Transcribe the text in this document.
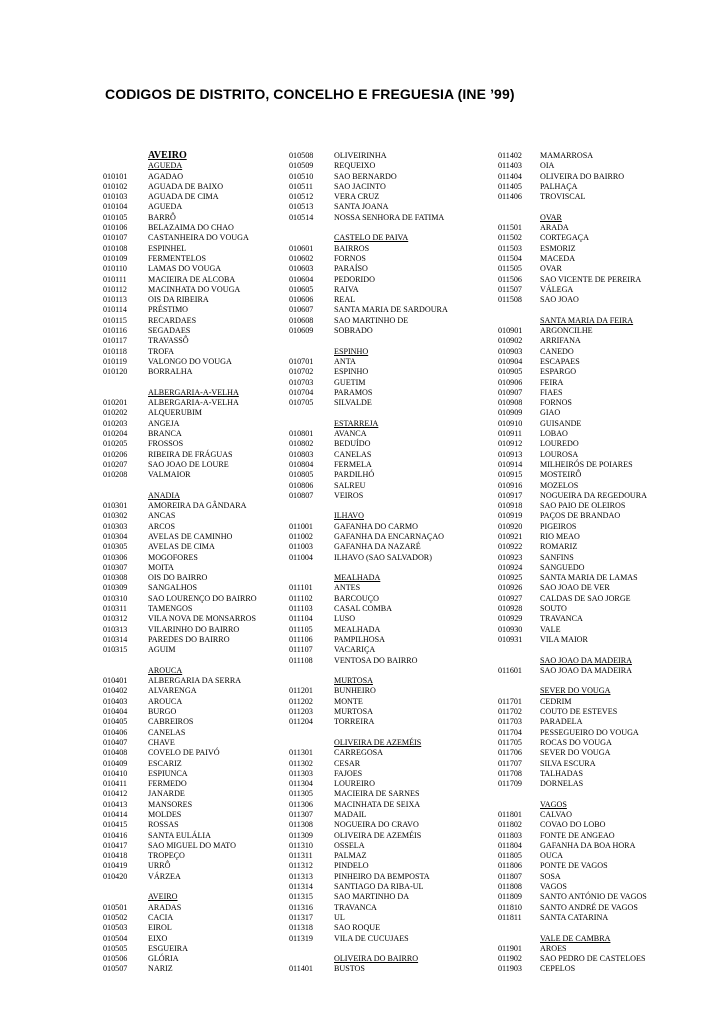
CODIGOS DE DISTRITO, CONCELHO E FREGUESIA (INE ’99)
AVEIRO
AGUEDA
010101	AGADAO
010102	AGUADA DE BAIXO
010103	AGUADA DE CIMA
010104	AGUEDA
010105	BARRÔ
010106	BELAZAIMA DO CHAO
010107	CASTANHEIRA DO VOUGA
010108	ESPINHEL
010109	FERMENTELOS
010110	LAMAS DO VOUGA
010111	MACIEIRA DE ALCOBA
010112	MACINHATA DO VOUGA
010113	OIS DA RIBEIRA
010114	PRÉSTIMO
010115	RECARDAES
010116	SEGADAES
010117	TRAVASSÔ
010118	TROFA
010119	VALONGO DO VOUGA
010120	BORRALHA
ALBERGARIA-A-VELHA
010201	ALBERGARIA-A-VELHA
010202	ALQUERUBIM
010203	ANGEJA
010204	BRANCA
010205	FROSSOS
010206	RIBEIRA DE FRÁGUAS
010207	SAO JOAO DE LOURE
010208	VALMAIOR
ANADIA
010301	AMOREIRA DA GÂNDARA
010302	ANCAS
010303	ARCOS
010304	AVELAS DE CAMINHO
010305	AVELAS DE CIMA
010306	MOGOFORES
010307	MOITA
010308	OIS DO BAIRRO
010309	SANGALHOS
010310	SAO LOURENÇO DO BAIRRO
010311	TAMENGOS
010312	VILA NOVA DE MONSARROS
010313	VILARINHO DO BAIRRO
010314	PAREDES DO BAIRRO
010315	AGUIM
AROUCA
010401	ALBERGARIA DA SERRA
010402	ALVARENGA
010403	AROUCA
010404	BURGO
010405	CABREIROS
010406	CANELAS
010407	CHAVE
010408	COVELO DE PAIVÓ
010409	ESCARIZ
010410	ESPIUNCA
010411	FERMEDO
010412	JANARDE
010413	MANSORES
010414	MOLDES
010415	ROSSAS
010416	SANTA EULÁLIA
010417	SAO MIGUEL DO MATO
010418	TROPEÇO
010419	URRÔ
010420	VÁRZEA
AVEIRO
010501	ARADAS
010502	CACIA
010503	EIROL
010504	EIXO
010505	ESGUEIRA
010506	GLÓRIA
010507	NARIZ
010508	OLIVEIRINHA
010509	REQUEIXO
010510	SAO BERNARDO
010511	SAO JACINTO
010512	VERA CRUZ
010513	SANTA JOANA
010514	NOSSA SENHORA DE FATIMA
CASTELO DE PAIVA
010601	BAIRROS
010602	FORNOS
010603	PARAÍSO
010604	PEDORIDO
010605	RAIVA
010606	REAL
010607	SANTA MARIA DE SARDOURA
010608	SAO MARTINHO DE
010609	SOBRADO
ESPINHO
010701	ANTA
010702	ESPINHO
010703	GUETIM
010704	PARAMOS
010705	SILVALDE
ESTARREJA
010801	AVANCA
010802	BEDUÍDO
010803	CANELAS
010804	FERMELA
010805	PARDILHÓ
010806	SALREU
010807	VEIROS
ILHAVO
011001	GAFANHA DO CARMO
011002	GAFANHA DA ENCARNAÇAO
011003	GAFANHA DA NAZARÉ
011004	ILHAVO (SAO SALVADOR)
MEALHADA
011101	ANTES
011102	BARCOUÇO
011103	CASAL COMBA
011104	LUSO
011105	MEALHADA
011106	PAMPILHOSA
011107	VACARIÇA
011108	VENTOSA DO BAIRRO
MURTOSA
011201	BUNHEIRO
011202	MONTE
011203	MURTOSA
011204	TORREIRA
OLIVEIRA DE AZEMÉIS
011301	CARREGOSA
011302	CESAR
011303	FAJOES
011304	LOUREIRO
011305	MACIEIRA DE SARNES
011306	MACINHATA DE SEIXA
011307	MADAIL
011308	NOGUEIRA DO CRAVO
011309	OLIVEIRA DE AZEMÉIS
011310	OSSELA
011311	PALMAZ
011312	PINDELO
011313	PINHEIRO DA BEMPOSTA
011314	SANTIAGO DA RIBA-UL
011315	SAO MARTINHO DA
011316	TRAVANCA
011317	UL
011318	SAO ROQUE
011319	VILA DE CUCUJAES
OLIVEIRA DO BAIRRO
011401	BUSTOS
011402 MAMARROSA
011403 OIA
011404 OLIVEIRA DO BAIRRO
011405 PALHAÇA
011406 TROVISCAL
OVAR
011501 ARADA
011502 CORTEGAÇA
011503 ESMORIZ
011504 MACEDA
011505 OVAR
011506 SAO VICENTE DE PEREIRA
011507 VÁLEGA
011508 SAO JOAO
SANTA MARIA DA FEIRA
010901 ARGONCILHE
010902 ARRIFANA
010903 CANEDO
010904 ESCAPAES
010905 ESPARGO
010906 FEIRA
010907 FIAES
010908 FORNOS
010909 GIAO
010910 GUISANDE
010911 LOBAO
010912 LOUREDO
010913 LOUROSA
010914 MILHEIRÓS DE POIARES
010915 MOSTEIRÔ
010916 MOZELOS
010917 NOGUEIRA DA REGEDOURA
010918 SAO PAIO DE OLEIROS
010919 PAÇOS DE BRANDAO
010920 PIGEIROS
010921 RIO MEAO
010922 ROMARIZ
010923 SANFINS
010924 SANGUEDO
010925 SANTA MARIA DE LAMAS
010926 SAO JOAO DE VER
010927 CALDAS DE SAO JORGE
010928 SOUTO
010929 TRAVANCA
010930 VALE
010931 VILA MAIOR
SAO JOAO DA MADEIRA
011601 SAO JOAO DA MADEIRA
SEVER DO VOUGA
011701 CEDRIM
011702 COUTO DE ESTEVES
011703 PARADELA
011704 PESSEGUEIRO DO VOUGA
011705 ROCAS DO VOUGA
011706 SEVER DO VOUGA
011707 SILVA ESCURA
011708 TALHADAS
011709 DORNELAS
VAGOS
011801 CALVAO
011802 COVAO DO LOBO
011803 FONTE DE ANGEAO
011804 GAFANHA DA BOA HORA
011805 OUCA
011806 PONTE DE VAGOS
011807 SOSA
011808 VAGOS
011809 SANTO ANTÓNIO DE VAGOS
011810 SANTO ANDRÉ DE VAGOS
011811 SANTA CATARINA
VALE DE CAMBRA
011901 AROES
011902 SAO PEDRO DE CASTELOES
011903 CEPELOS
